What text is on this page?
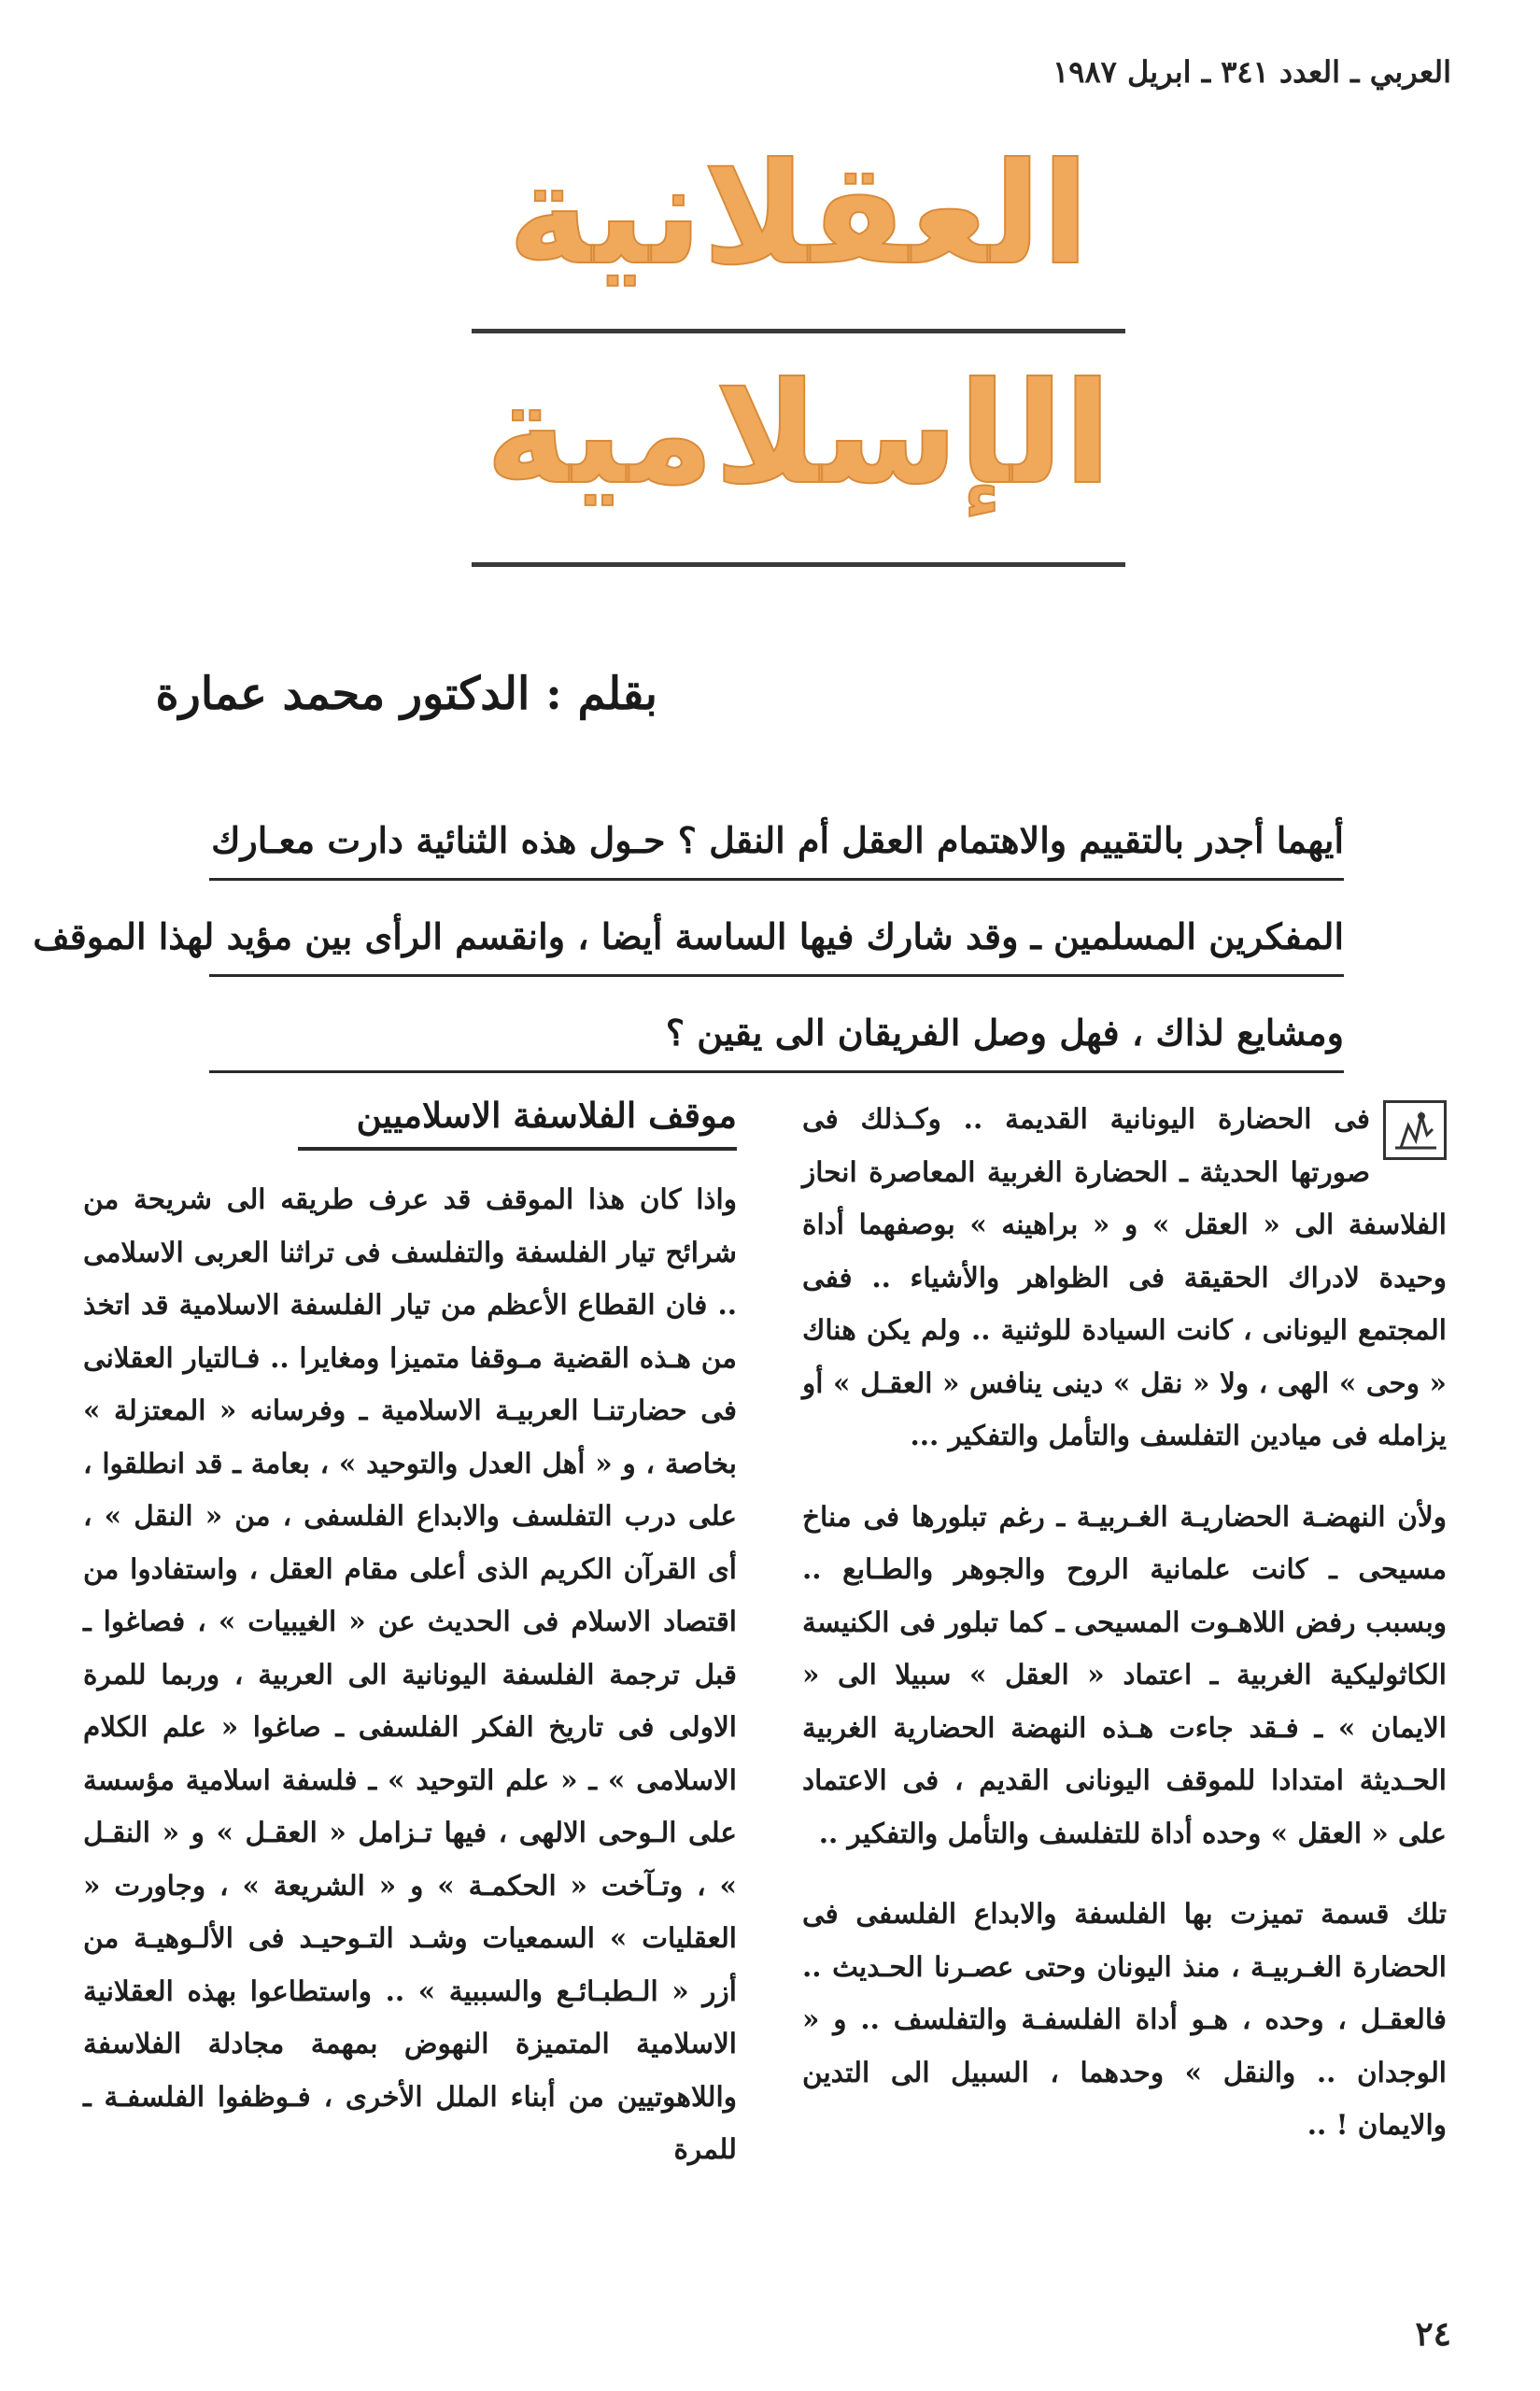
العربي ـ العدد ٣٤١ ـ ابريل ١٩٨٧
العقلانية
الإسلامية
بقلم : الدكتور محمد عمارة
أيهما أجدر بالتقييم والاهتمام العقل أم النقل ؟ حـول هذه الثنائية دارت معـارك
المفكرين المسلمين ـ وقد شارك فيها الساسة أيضا ، وانقسم الرأى بين مؤيد لهذا الموقف
ومشايع لذاك ، فهل وصل الفريقان الى يقين ؟

فى الحضارة اليونانية القديمة .. وكـذلك فى صورتها الحديثة ـ الحضارة الغربية المعاصرة انحاز الفلاسفة الى « العقل » و « براهينه » بوصفهما أداة وحيدة لادراك الحقيقة فى الظواهر والأشياء .. ففى المجتمع اليونانى ، كانت السيادة للوثنية .. ولم يكن هناك « وحى » الهى ، ولا « نقل » دينى ينافس « العقـل » أو يزامله فى ميادين التفلسف والتأمل والتفكير ...

ولأن النهضـة الحضاريـة الغـربيـة ـ رغم تبلورها فى مناخ مسيحى ـ كانت علمانية الروح والجوهر والطـابع .. وبسبب رفض اللاهـوت المسيحى ـ كما تبلور فى الكنيسة الكاثوليكية الغربية ـ اعتماد « العقل » سبيلا الى « الايمان » ـ فـقد جاءت هـذه النهضة الحضارية الغربية الحـديثة امتدادا للموقف اليونانى القديم ، فى الاعتماد على « العقل » وحده أداة للتفلسف والتأمل والتفكير ..

تلك قسمة تميزت بها الفلسفة والابداع الفلسفى فى الحضارة الغـربيـة ، منذ اليونان وحتى عصـرنا الحـديث .. فالعقـل ، وحده ، هـو أداة الفلسفـة والتفلسف .. و « الوجدان .. والنقل » وحدهما ، السبيل الى التدين والايمان ! ..

موقف الفلاسفة الاسلاميين

واذا كان هذا الموقف قد عرف طريقه الى شريحة من شرائح تيار الفلسفة والتفلسف فى تراثنا العربى الاسلامى .. فان القطاع الأعظم من تيار الفلسفة الاسلامية قد اتخذ من هـذه القضية مـوقفا متميزا ومغايرا .. فـالتيار العقلانى فى حضارتنـا العربيـة الاسلامية ـ وفرسانه « المعتزلة » بخاصة ، و « أهل العدل والتوحيد » ، بعامة ـ قد انطلقوا ، على درب التفلسف والابداع الفلسفى ، من « النقل » ، أى القرآن الكريم الذى أعلى مقام العقل ، واستفادوا من اقتصاد الاسلام فى الحديث عن « الغيبيات » ، فصاغوا ـ قبل ترجمة الفلسفة اليونانية الى العربية ، وربما للمرة الاولى فى تاريخ الفكر الفلسفى ـ صاغوا « علم الكلام الاسلامى » ـ « علم التوحيد » ـ فلسفة اسلامية مؤسسة على الـوحى الالهى ، فيها تـزامل « العقـل » و « النقـل » ، وتـآخت « الحكمـة » و « الشريعة » ، وجاورت « العقليات » السمعيات وشـد التـوحيـد فى الألـوهيـة من أزر « الـطبـائـع والسببية » .. واستطاعوا بهذه العقلانية الاسلامية المتميزة النهوض بمهمة مجادلة الفلاسفة واللاهوتيين من أبناء الملل الأخرى ، فـوظفوا الفلسفـة ـ للمرة

٢٤
